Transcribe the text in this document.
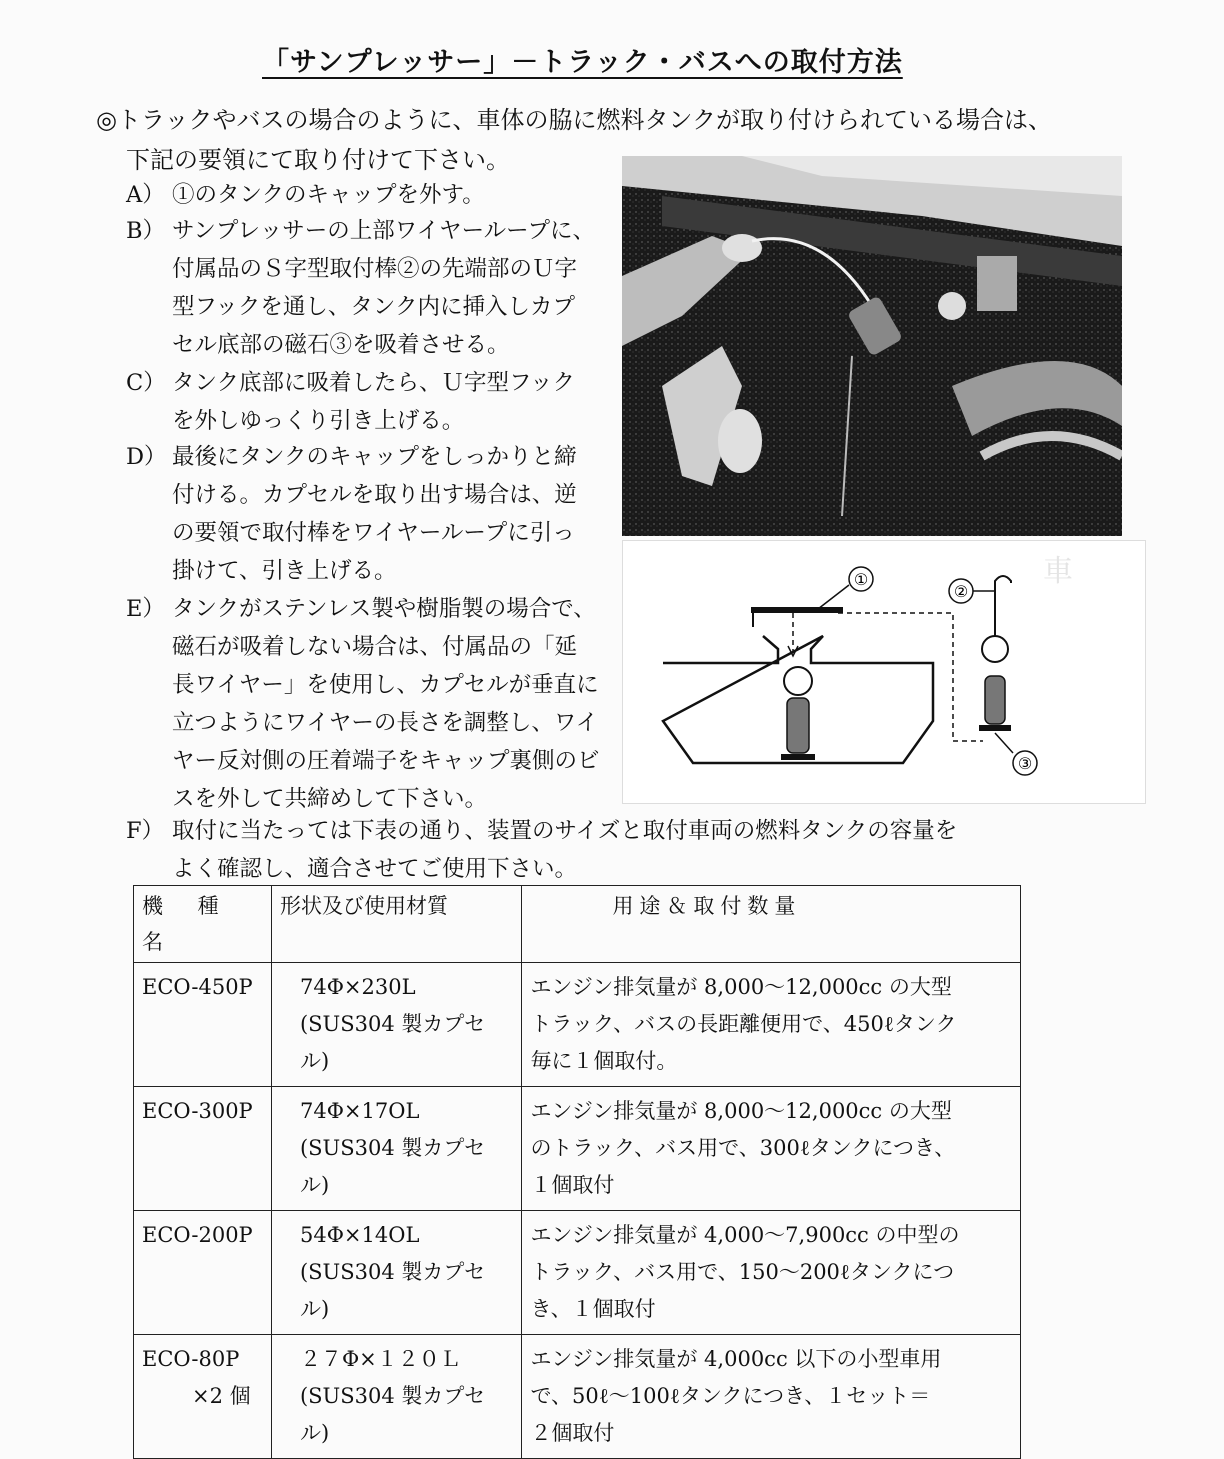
「サンプレッサー」－トラック・バスへの取付方法
◎トラックやバスの場合のように、車体の脇に燃料タンクが取り付けられている場合は、
下記の要領にて取り付けて下さい。
A） ①のタンクのキャップを外す。
B） サンプレッサーの上部ワイヤーループに、
付属品のＳ字型取付棒②の先端部のＵ字
型フックを通し、タンク内に挿入しカプ
セル底部の磁石③を吸着させる。
C） タンク底部に吸着したら、Ｕ字型フック
を外しゆっくり引き上げる。
D） 最後にタンクのキャップをしっかりと締
付ける。カプセルを取り出す場合は、逆
の要領で取付棒をワイヤーループに引っ
掛けて、引き上げる。
E） タンクがステンレス製や樹脂製の場合で、
磁石が吸着しない場合は、付属品の「延
長ワイヤー」を使用し、カプセルが垂直に
立つようにワイヤーの長さを調整し、ワイ
ヤー反対側の圧着端子をキャップ裏側のビ
スを外して共締めして下さい。
F） 取付に当たっては下表の通り、装置のサイズと取付車両の燃料タンクの容量を
よく確認し、適合させてご使用下さい。
車
①
②
③
機 種 名	形状及び使用材質	用途＆取付数量

ECO-450P	74Φ×230L
(SUS304 製カプセル)	エンジン排気量が 8,000～12,000cc の大型
トラック、バスの長距離便用で、450ℓタンク
毎に１個取付。

ECO-300P	74Φ×17OL
(SUS304 製カプセル)	エンジン排気量が 8,000～12,000cc の大型
のトラック、バス用で、300ℓタンクにつき、
１個取付

ECO-200P	54Φ×14OL
(SUS304 製カプセル)	エンジン排気量が 4,000～7,900cc の中型の
トラック、バス用で、150～200ℓタンクにつ
き、１個取付

ECO-80P
×2 個	２７Φ×１２０Ｌ
(SUS304 製カプセル)	エンジン排気量が 4,000cc 以下の小型車用
で、50ℓ～100ℓタンクにつき、１セット＝
２個取付
